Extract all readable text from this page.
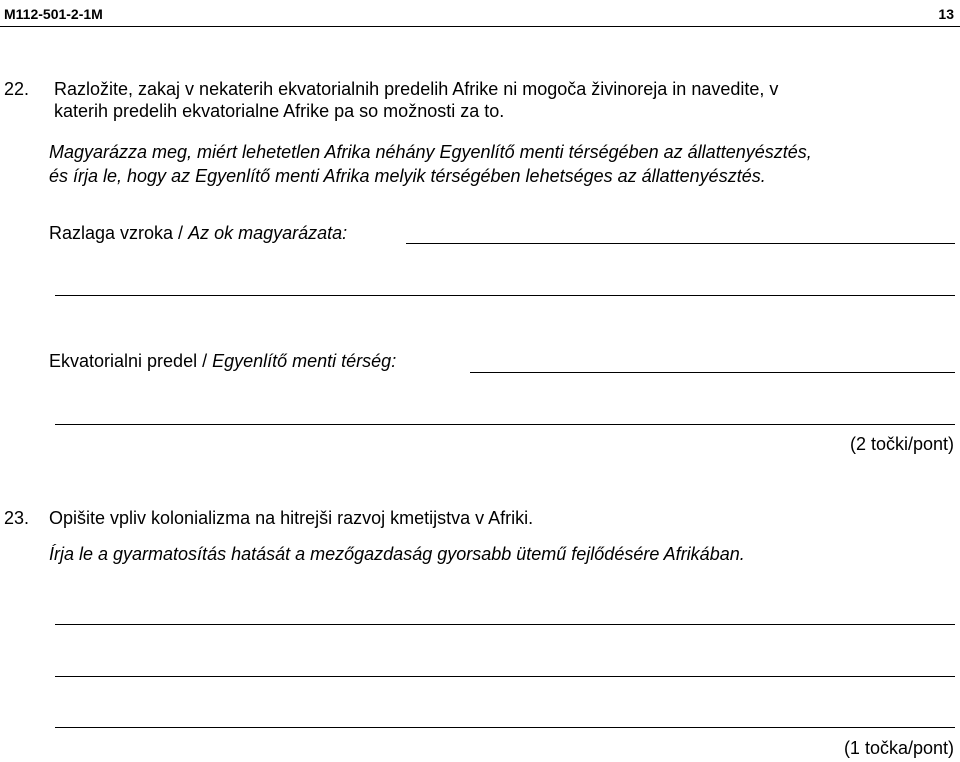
M112-501-2-1M	13
22. Razložite, zakaj v nekaterih ekvatorialnih predelih Afrike ni mogoča živinoreja in navedite, v
katerih predelih ekvatorialne Afrike pa so možnosti za to.
Magyarázza meg, miért lehetetlen Afrika néhány Egyenlítő menti térségében az állattenyésztés,
és írja le, hogy az Egyenlítő menti Afrika melyik térségében lehetséges az állattenyésztés.
Razlaga vzroka / Az ok magyarázata:
Ekvatorialni predel / Egyenlítő menti térség:
(2 točki/pont)
23. Opišite vpliv kolonializma na hitrejši razvoj kmetijstva v Afriki.
Írja le a gyarmatosítás hatását a mezőgazdaság gyorsabb ütemű fejlődésére Afrikában.
(1 točka/pont)
